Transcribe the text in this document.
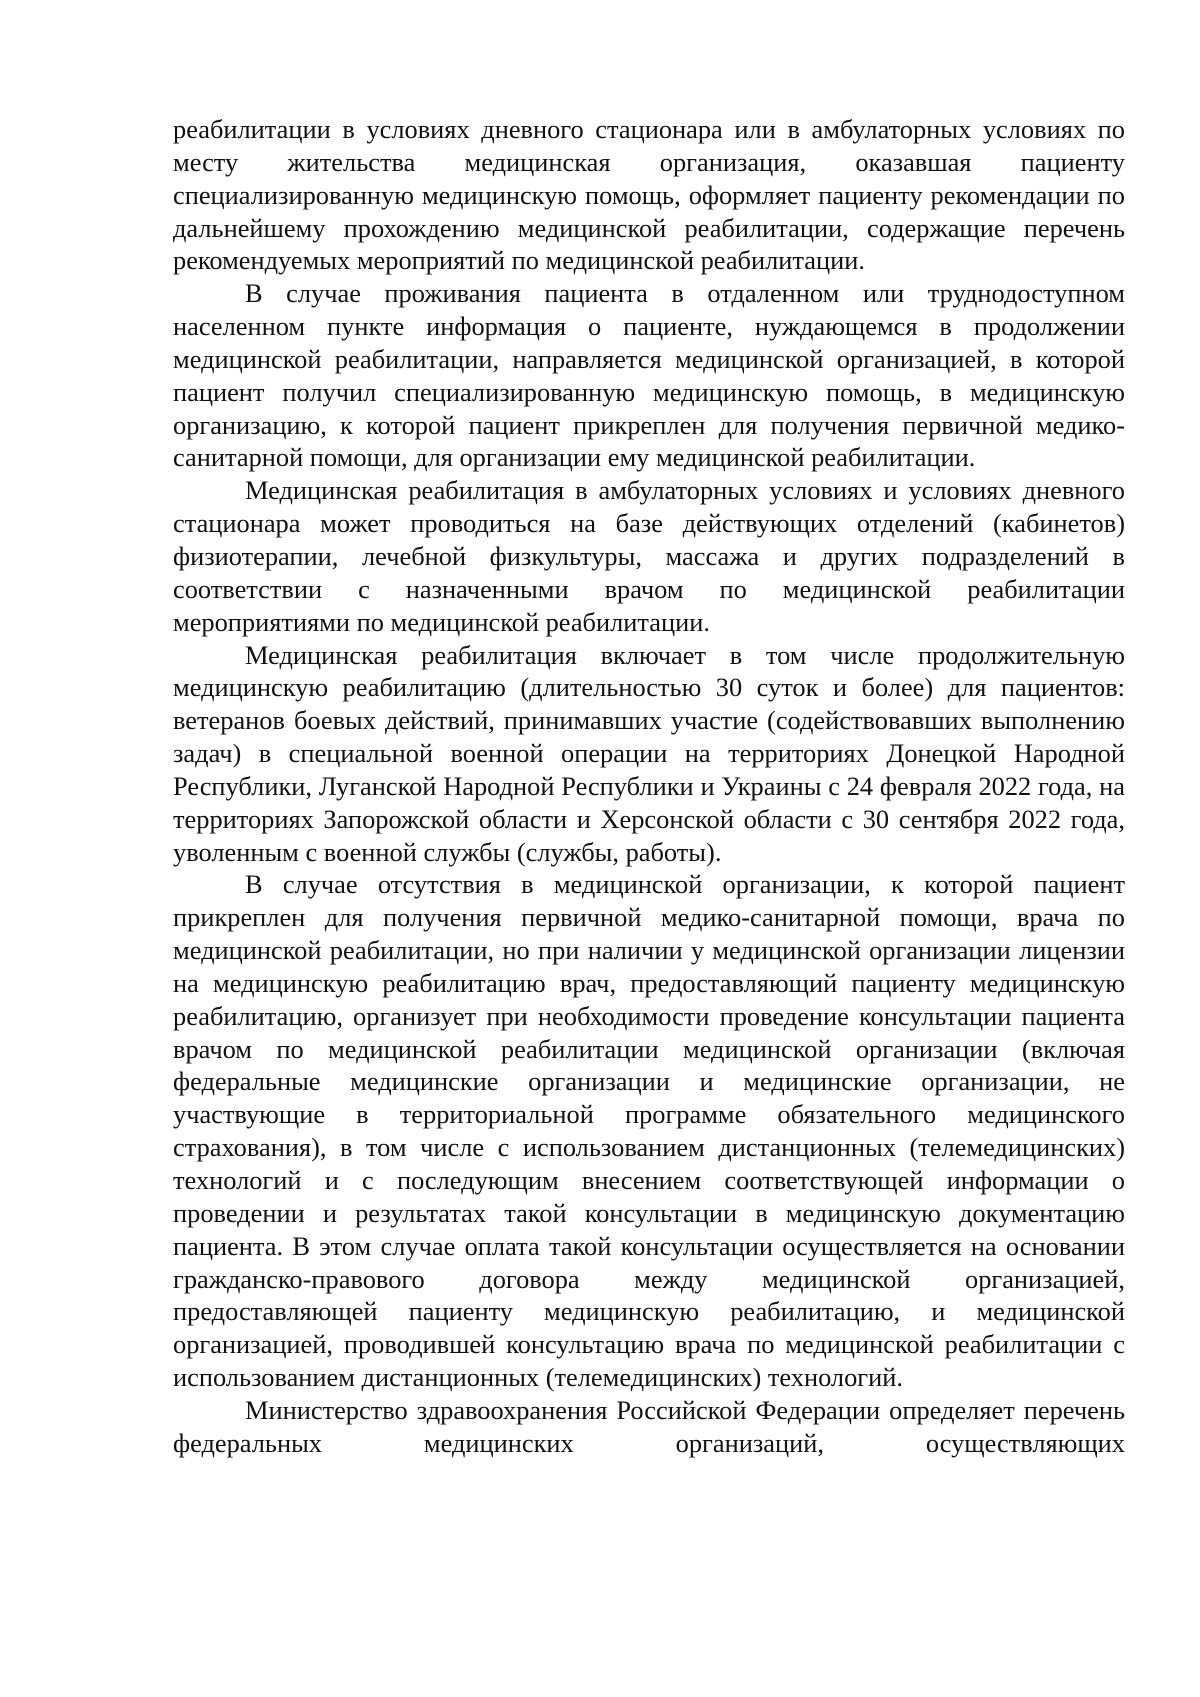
реабилитации в условиях дневного стационара или в амбулаторных условиях по месту жительства медицинская организация, оказавшая пациенту специализированную медицинскую помощь, оформляет пациенту рекомендации по дальнейшему прохождению медицинской реабилитации, содержащие перечень рекомендуемых мероприятий по медицинской реабилитации.

В случае проживания пациента в отдаленном или труднодоступном населенном пункте информация о пациенте, нуждающемся в продолжении медицинской реабилитации, направляется медицинской организацией, в которой пациент получил специализированную медицинскую помощь, в медицинскую организацию, к которой пациент прикреплен для получения первичной медико-санитарной помощи, для организации ему медицинской реабилитации.

Медицинская реабилитация в амбулаторных условиях и условиях дневного стационара может проводиться на базе действующих отделений (кабинетов) физиотерапии, лечебной физкультуры, массажа и других подразделений в соответствии с назначенными врачом по медицинской реабилитации мероприятиями по медицинской реабилитации.

Медицинская реабилитация включает в том числе продолжительную медицинскую реабилитацию (длительностью 30 суток и более) для пациентов: ветеранов боевых действий, принимавших участие (содействовавших выполнению задач) в специальной военной операции на территориях Донецкой Народной Республики, Луганской Народной Республики и Украины с 24 февраля 2022 года, на территориях Запорожской области и Херсонской области с 30 сентября 2022 года, уволенным с военной службы (службы, работы).

В случае отсутствия в медицинской организации, к которой пациент прикреплен для получения первичной медико-санитарной помощи, врача по медицинской реабилитации, но при наличии у медицинской организации лицензии на медицинскую реабилитацию врач, предоставляющий пациенту медицинскую реабилитацию, организует при необходимости проведение консультации пациента врачом по медицинской реабилитации медицинской организации (включая федеральные медицинские организации и медицинские организации, не участвующие в территориальной программе обязательного медицинского страхования), в том числе с использованием дистанционных (телемедицинских) технологий и с последующим внесением соответствующей информации о проведении и результатах такой консультации в медицинскую документацию пациента. В этом случае оплата такой консультации осуществляется на основании гражданско-правового договора между медицинской организацией, предоставляющей пациенту медицинскую реабилитацию, и медицинской организацией, проводившей консультацию врача по медицинской реабилитации с использованием дистанционных (телемедицинских) технологий.

Министерство здравоохранения Российской Федерации определяет перечень федеральных медицинских организаций, осуществляющих
